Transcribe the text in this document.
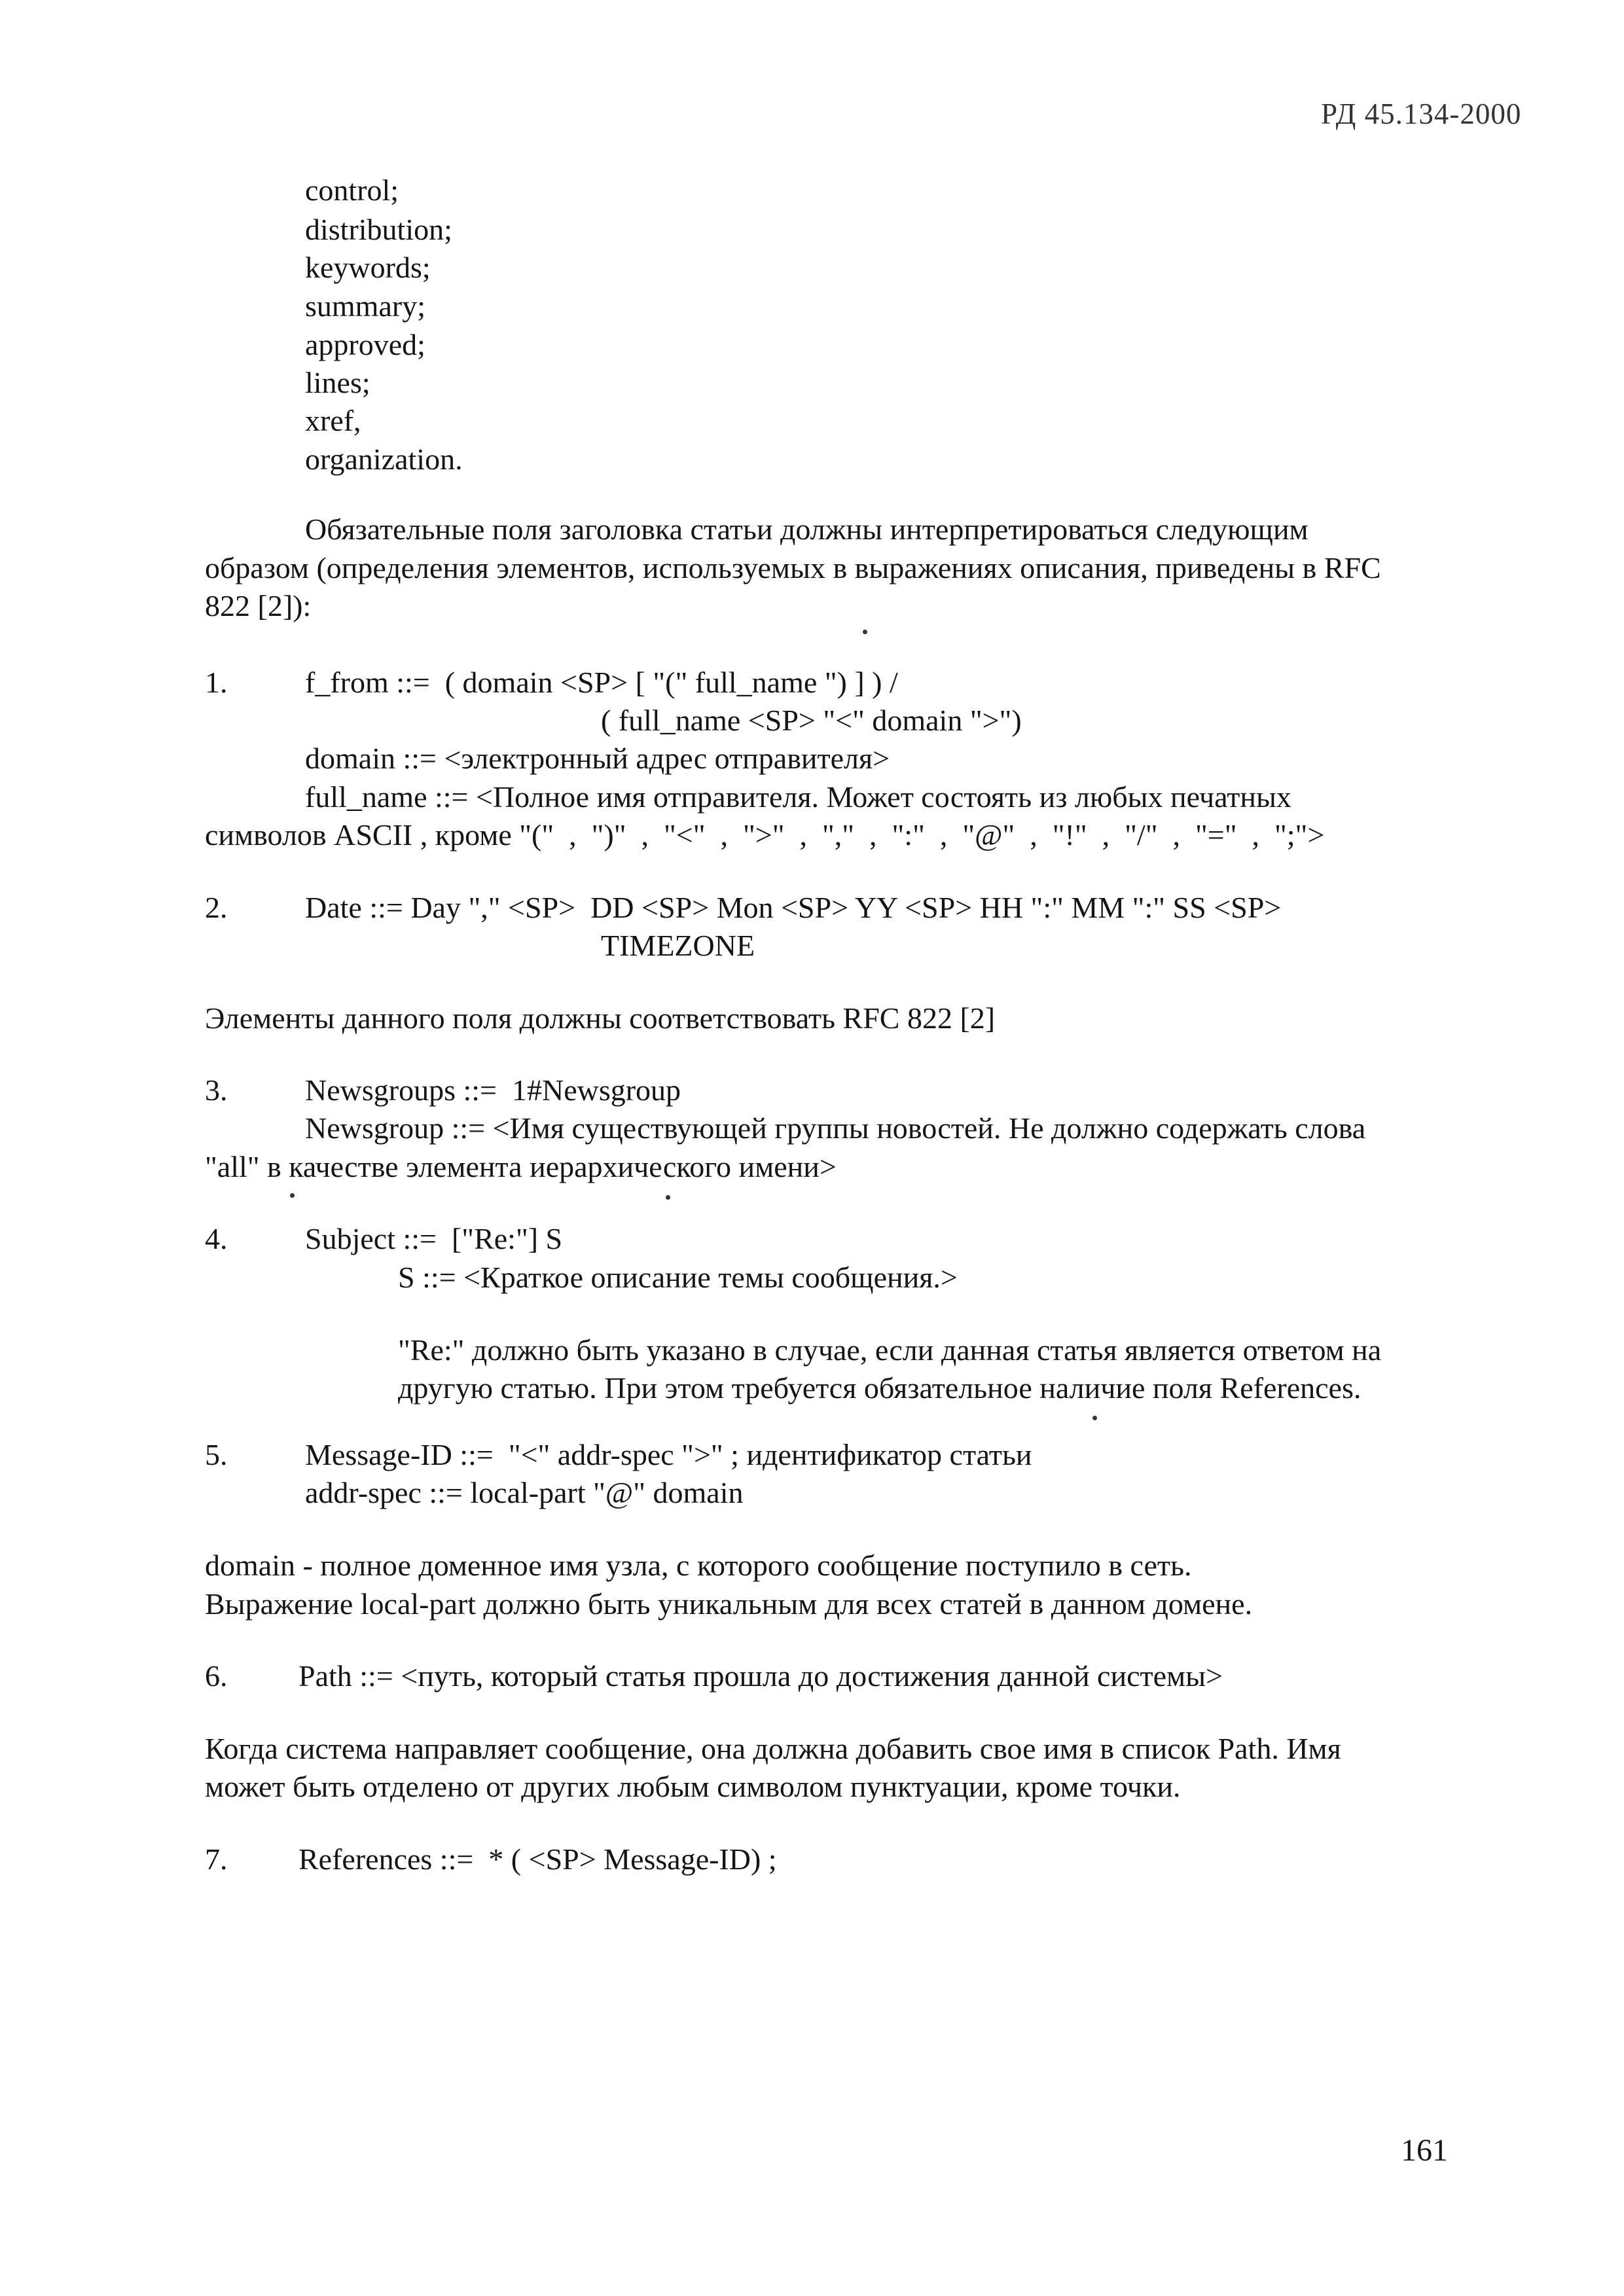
РД 45.134-2000
control;
distribution;
keywords;
summary;
approved;
lines;
xref,
organization.
Обязательные поля заголовка статьи должны интерпретироваться следующим
образом (определения элементов, используемых в выражениях описания, приведены в RFC
822 [2]):
1.	f_from ::=  ( domain <SP> [ "(" full_name ") ] ) /
( full_name <SP> "<" domain ">")
domain ::= <электронный адрес отправителя>
full_name ::= <Полное имя отправителя. Может состоять из любых печатных
символов ASCII , кроме "("  ,  ")"  ,  "<"  ,  ">"  ,  ","  ,  ":"  ,  "@"  ,  "!"  ,  "/"  ,  "="  ,  ";">
2.	Date ::= Day "," <SP>  DD <SP> Mon <SP> YY <SP> HH ":" MM ":" SS <SP>
TIMEZONE
Элементы данного поля должны соответствовать RFC 822 [2]
3.	Newsgroups ::=  1#Newsgroup
Newsgroup ::= <Имя существующей группы новостей. Не должно содержать слова
"all" в качестве элемента иерархического имени>
4.	Subject ::=  ["Re:"] S
S ::= <Краткое описание темы сообщения.>
"Re:" должно быть указано в случае, если данная статья является ответом на
другую статью. При этом требуется обязательное наличие поля References.
5.	Message-ID ::=  "<" addr-spec ">" ; идентификатор статьи
addr-spec ::= local-part "@" domain
domain - полное доменное имя узла, с которого сообщение поступило в сеть.
Выражение local-part должно быть уникальным для всех статей в данном домене.
6. Path ::= <путь, который статья прошла до достижения данной системы>
Когда система направляет сообщение, она должна добавить свое имя в список Path. Имя
может быть отделено от других любым символом пунктуации, кроме точки.
7. References ::=  * ( <SP> Message-ID) ;
161
